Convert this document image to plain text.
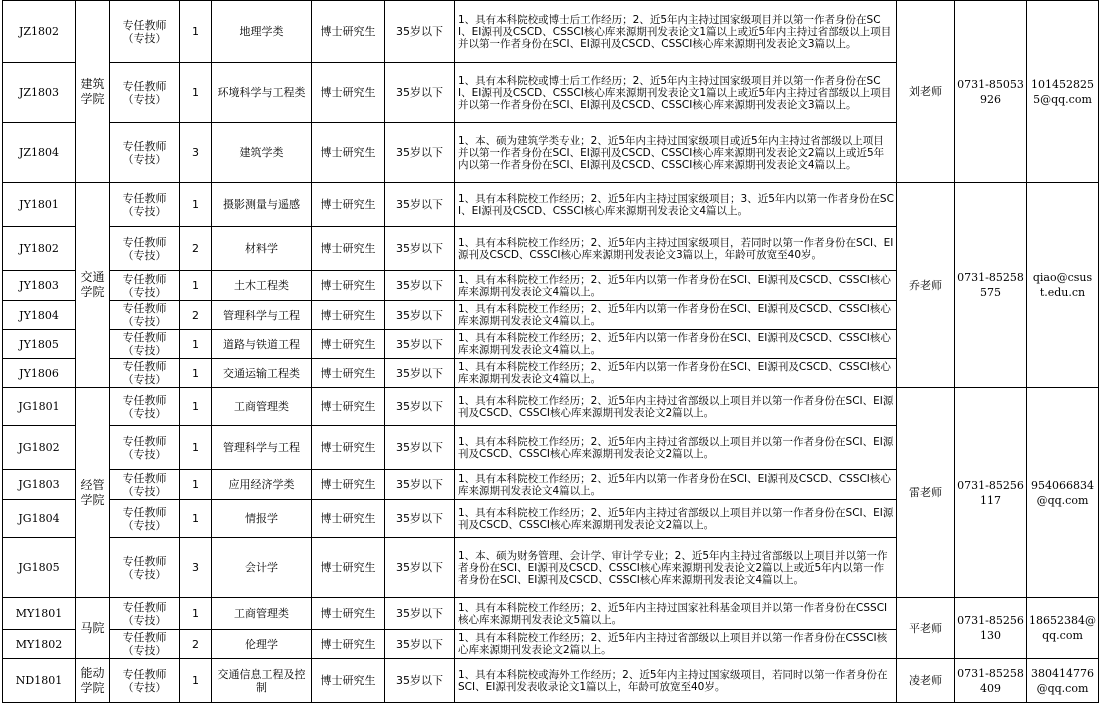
JZ1802	建筑学院	专任教师（专技）	1	地理学类	博士研究生	35岁以下	1、具有本科院校或博士后工作经历；2、近5年内主持过国家级项目并以第一作者身份在SCI、EI源刊及CSCD、CSSCI核心库来源期刊发表论文1篇以上或近5年内主持过省部级以上项目并以第一作者身份在SCI、EI源刊及CSCD、CSSCI核心库来源期刊发表论文3篇以上。	刘老师	0731-85053926	1014528255@qq.com
JZ1803		专任教师（专技）	1	环境科学与工程类	博士研究生	35岁以下	1、具有本科院校或博士后工作经历；2、近5年内主持过国家级项目并以第一作者身份在SCI、EI源刊及CSCD、CSSCI核心库来源期刊发表论文1篇以上或近5年内主持过省部级以上项目并以第一作者身份在SCI、EI源刊及CSCD、CSSCI核心库来源期刊发表论文3篇以上。			
JZ1804		专任教师（专技）	3	建筑学类	博士研究生	35岁以下	1、本、硕为建筑学类专业；2、近5年内主持过国家级项目或近5年内主持过省部级以上项目并以第一作者身份在SCI、EI源刊及CSCD、CSSCI核心库来源期刊发表论文2篇以上或近5年内以第一作者身份在SCI、EI源刊及CSCD、CSSCI核心库来源期刊发表论文4篇以上。			
JY1801	交通学院	专任教师（专技）	1	摄影测量与遥感	博士研究生	35岁以下	1、具有本科院校工作经历；2、近5年内主持过国家级项目；3、近5年内以第一作者身份在SCI、EI源刊及CSCD、CSSCI核心库来源期刊发表论文4篇以上。	乔老师	0731-85258575	qiao@csust.edu.cn
JY1802		专任教师（专技）	2	材料学	博士研究生	35岁以下	1、具有本科院校工作经历；2、近5年内主持过国家级项目，若同时以第一作者身份在SCI、EI源刊及CSCD、CSSCI核心库来源期刊发表论文3篇以上，年龄可放宽至40岁。			
JY1803		专任教师（专技）	1	土木工程类	博士研究生	35岁以下	1、具有本科院校工作经历；2、近5年内以第一作者身份在SCI、EI源刊及CSCD、CSSCI核心库来源期刊发表论文4篇以上。			
JY1804		专任教师（专技）	2	管理科学与工程	博士研究生	35岁以下	1、具有本科院校工作经历；2、近5年内以第一作者身份在SCI、EI源刊及CSCD、CSSCI核心库来源期刊发表论文4篇以上。			
JY1805		专任教师（专技）	1	道路与铁道工程	博士研究生	35岁以下	1、具有本科院校工作经历；2、近5年内以第一作者身份在SCI、EI源刊及CSCD、CSSCI核心库来源期刊发表论文4篇以上。			
JY1806		专任教师（专技）	1	交通运输工程类	博士研究生	35岁以下	1、具有本科院校工作经历；2、近5年内以第一作者身份在SCI、EI源刊及CSCD、CSSCI核心库来源期刊发表论文4篇以上。			
JG1801	经管学院	专任教师（专技）	1	工商管理类	博士研究生	35岁以下	1、具有本科院校工作经历；2、近5年内主持过省部级以上项目并以第一作者身份在SCI、EI源刊及CSCD、CSSCI核心库来源期刊发表论文2篇以上。	雷老师	0731-85256117	954066834@qq.com
JG1802		专任教师（专技）	1	管理科学与工程	博士研究生	35岁以下	1、具有本科院校工作经历；2、近5年内主持过省部级以上项目并以第一作者身份在SCI、EI源刊及CSCD、CSSCI核心库来源期刊发表论文2篇以上。			
JG1803		专任教师（专技）	1	应用经济学类	博士研究生	35岁以下	1、具有本科院校工作经历；2、近5年内以第一作者身份在SCI、EI源刊及CSCD、CSSCI核心库来源期刊发表论文4篇以上。			
JG1804		专任教师（专技）	1	情报学	博士研究生	35岁以下	1、具有本科院校工作经历；2、近5年内主持过省部级以上项目并以第一作者身份在SCI、EI源刊及CSCD、CSSCI核心库来源期刊发表论文2篇以上。			
JG1805		专任教师（专技）	3	会计学	博士研究生	35岁以下	1、本、硕为财务管理、会计学、审计学专业；2、近5年内主持过省部级以上项目并以第一作者身份在SCI、EI源刊及CSCD、CSSCI核心库来源期刊发表论文2篇以上或近5年内以第一作者身份在SCI、EI源刊及CSCD、CSSCI核心库来源期刊发表论文4篇以上。			
MY1801	马院	专任教师（专技）	1	工商管理类	博士研究生	35岁以下	1、具有本科院校工作经历；2、近5年内主持过国家社科基金项目并以第一作者身份在CSSCI核心库来源期刊发表论文5篇以上。	平老师	0731-85256130	18652384@qq.com
MY1802		专任教师（专技）	2	伦理学	博士研究生	35岁以下	1、具有本科院校工作经历；2、近5年内主持过省部级以上项目并以第一作者身份在CSSCI核心库来源期刊发表论文2篇以上。			
ND1801	能动学院	专任教师（专技）	1	交通信息工程及控制	博士研究生	35岁以下	1、具有本科院校或海外工作经历；2、近5年内主持过国家级项目，若同时以第一作者身份在SCI、EI源刊发表收录论文1篇以上，年龄可放宽至40岁。	凌老师	0731-85258409	380414776@qq.com
